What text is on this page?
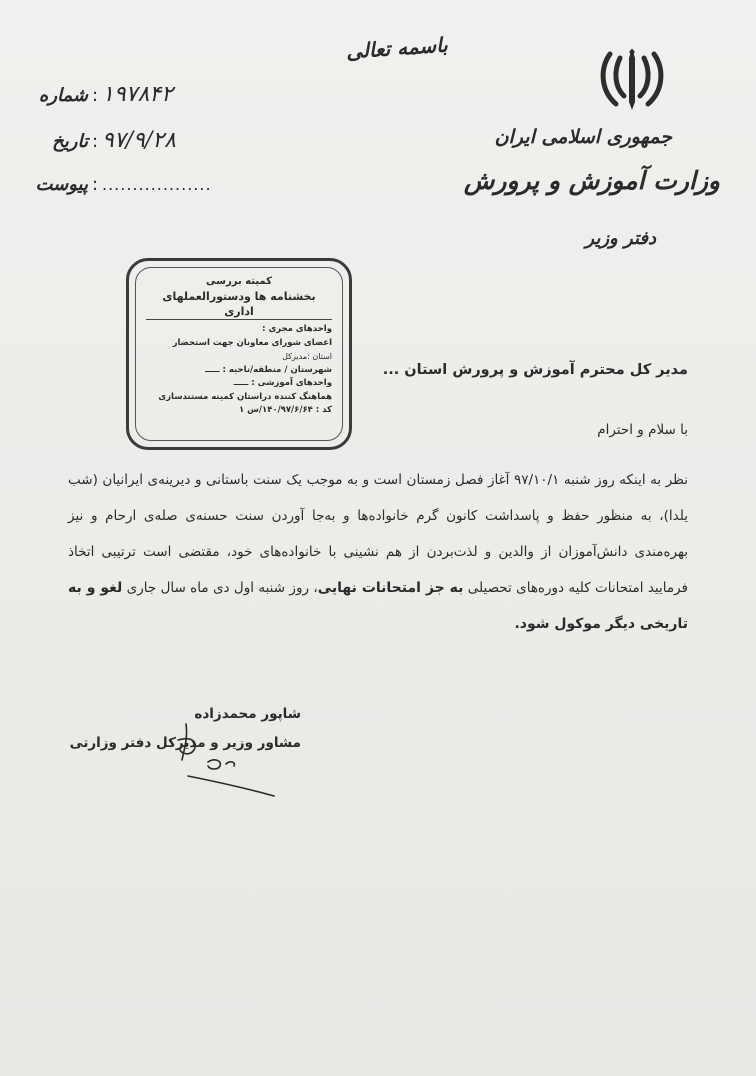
جمهوری اسلامی ایران
وزارت آموزش و پرورش
دفتر وزیر
باسمه تعالی
شماره : ۱۹۷۸۴۲
تاریخ : ۹۷/۹/۲۸
پیوست : ..................
کمیته بررسی
بخشنامه ها ودستورالعملهای اداری
واحدهای مجری :
اعضای شورای معاونان جهت استحضار
استان :مدیرکل
شهرستان / منطقه/ناحیه : ـــــ
واحدهای آموزشی : ـــــ
هماهنگ کننده دراستان کمیته مستندسازی
کد : ۱۴۰/۹۷/۶/۶۴/س ۱
مدیر کل محترم آموزش و پرورش استان ...
با سلام و احترام
نظر به اینکه روز شنبه ۹۷/۱۰/۱ آغاز فصل زمستان است و به موجب یک سنت باستانی و دیرینه‌ی ایرانیان (شب یلدا)، به منظور حفظ و پاسداشت کانون گرم خانواده‌ها و به‌جا آوردن سنت حسنه‌ی صله‌ی ارحام و نیز بهره‌مندی دانش‌آموزان از والدین و لذت‌بردن از هم نشینی با خانواده‌های خود، مقتضی است ترتیبی اتخاذ فرمایید امتحانات کلیه دوره‌های تحصیلی به جز امتحانات نهایی، روز شنبه اول دی ماه سال جاری لغو و به تاریخی دیگر موکول شود.
شاپور محمدزاده
مشاور وزیر و مدیرکل دفتر وزارتی
